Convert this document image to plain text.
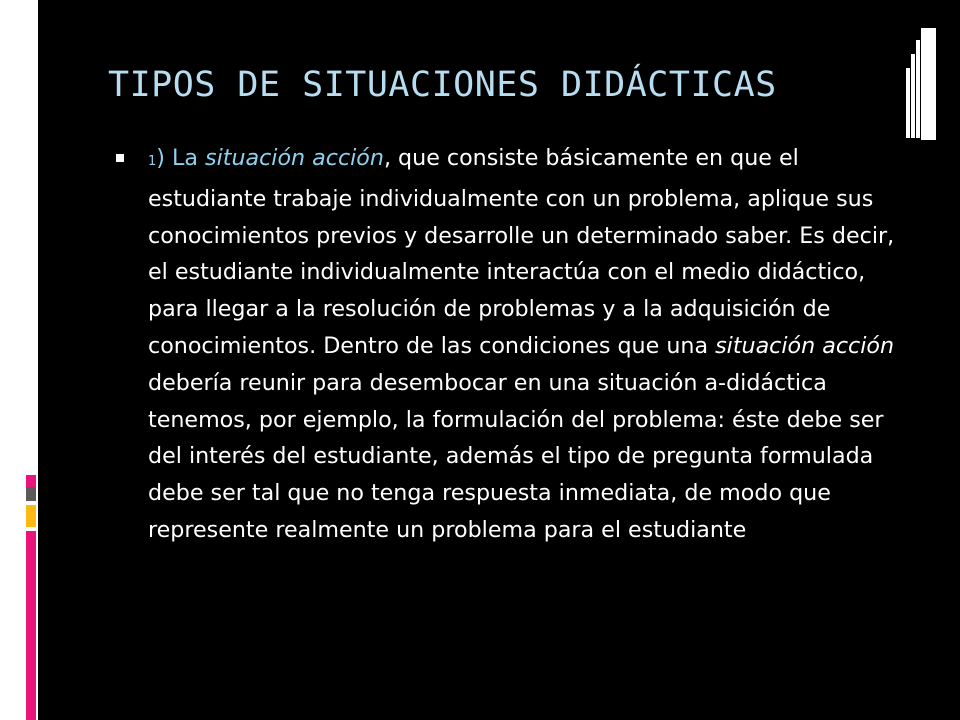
TIPOS DE SITUACIONES DIDÁCTICAS
1) La situación acción, que consiste básicamente en que el estudiante trabaje individualmente con un problema, aplique sus conocimientos previos y desarrolle un determinado saber. Es decir, el estudiante individualmente interactúa con el medio didáctico, para llegar a la resolución de problemas y a la adquisición de conocimientos. Dentro de las condiciones que una situación acción debería reunir para desembocar en una situación a-didáctica tenemos, por ejemplo, la formulación del problema: éste debe ser del interés del estudiante, además el tipo de pregunta formulada debe ser tal que no tenga respuesta inmediata, de modo que represente realmente un problema para el estudiante
